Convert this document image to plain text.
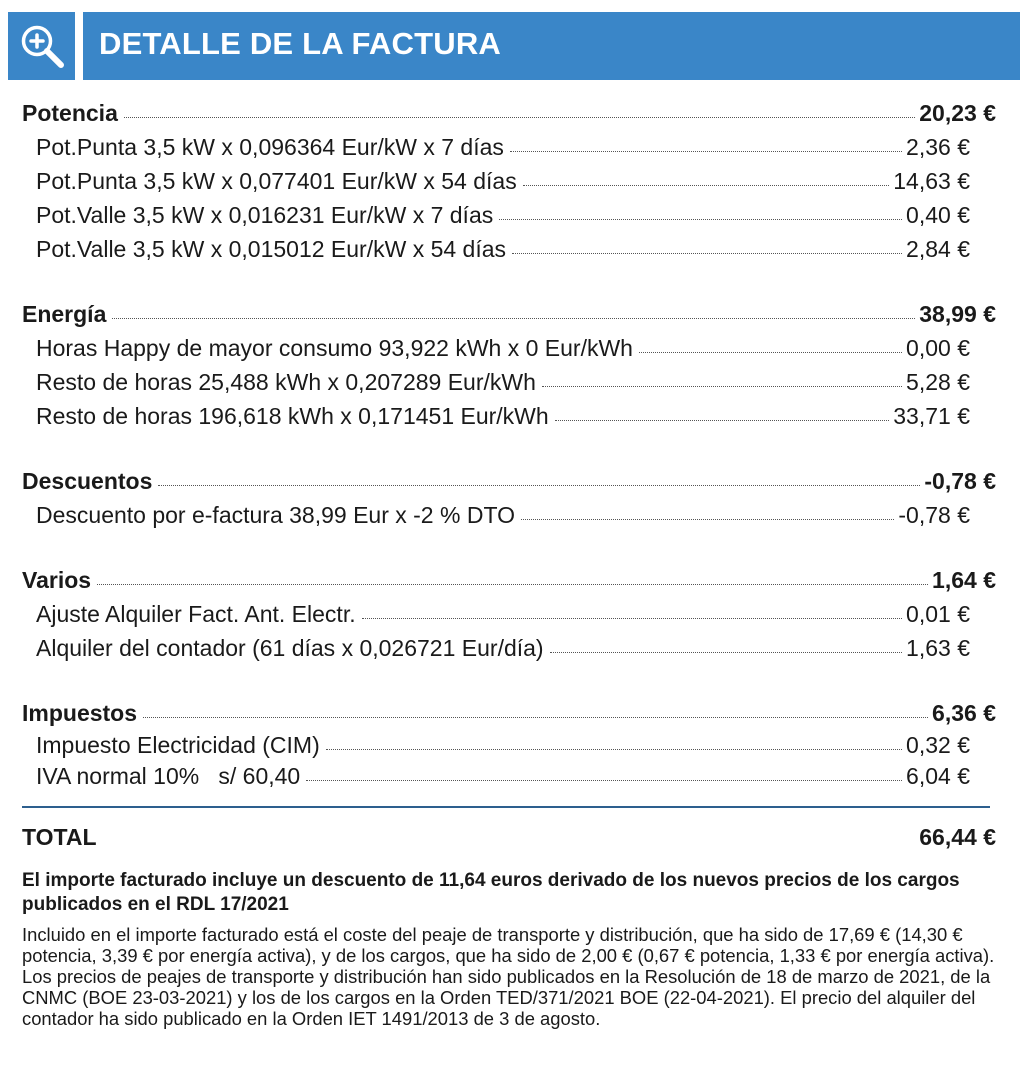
DETALLE DE LA FACTURA
Potencia	20,23 €
Pot.Punta 3,5 kW x 0,096364 Eur/kW x 7 días	2,36 €
Pot.Punta 3,5 kW x 0,077401 Eur/kW x 54 días	14,63 €
Pot.Valle 3,5 kW x 0,016231 Eur/kW x 7 días	0,40 €
Pot.Valle 3,5 kW x 0,015012 Eur/kW x 54 días	2,84 €
Energía	38,99 €
Horas Happy de mayor consumo 93,922 kWh x 0 Eur/kWh	0,00 €
Resto de horas 25,488 kWh x 0,207289 Eur/kWh	5,28 €
Resto de horas 196,618 kWh x 0,171451 Eur/kWh	33,71 €
Descuentos	-0,78 €
Descuento por e-factura 38,99 Eur x -2 % DTO	-0,78 €
Varios	1,64 €
Ajuste Alquiler Fact. Ant. Electr.	0,01 €
Alquiler del contador (61 días x 0,026721 Eur/día)	1,63 €
Impuestos	6,36 €
Impuesto Electricidad (CIM)	0,32 €
IVA normal 10%   s/ 60,40	6,04 €
TOTAL	66,44 €
El importe facturado incluye un descuento de 11,64 euros derivado de los nuevos precios de los cargos publicados en el RDL 17/2021
Incluido en el importe facturado está el coste del peaje de transporte y distribución, que ha sido de 17,69 € (14,30 € potencia, 3,39 € por energía activa), y de los cargos, que ha sido de 2,00 € (0,67 € potencia, 1,33 € por energía activa). Los precios de peajes de transporte y distribución han sido publicados en la Resolución de 18 de marzo de 2021, de la CNMC (BOE 23-03-2021) y los de los cargos en la Orden TED/371/2021 BOE (22-04-2021). El precio del alquiler del contador ha sido publicado en la Orden IET 1491/2013 de 3 de agosto.
